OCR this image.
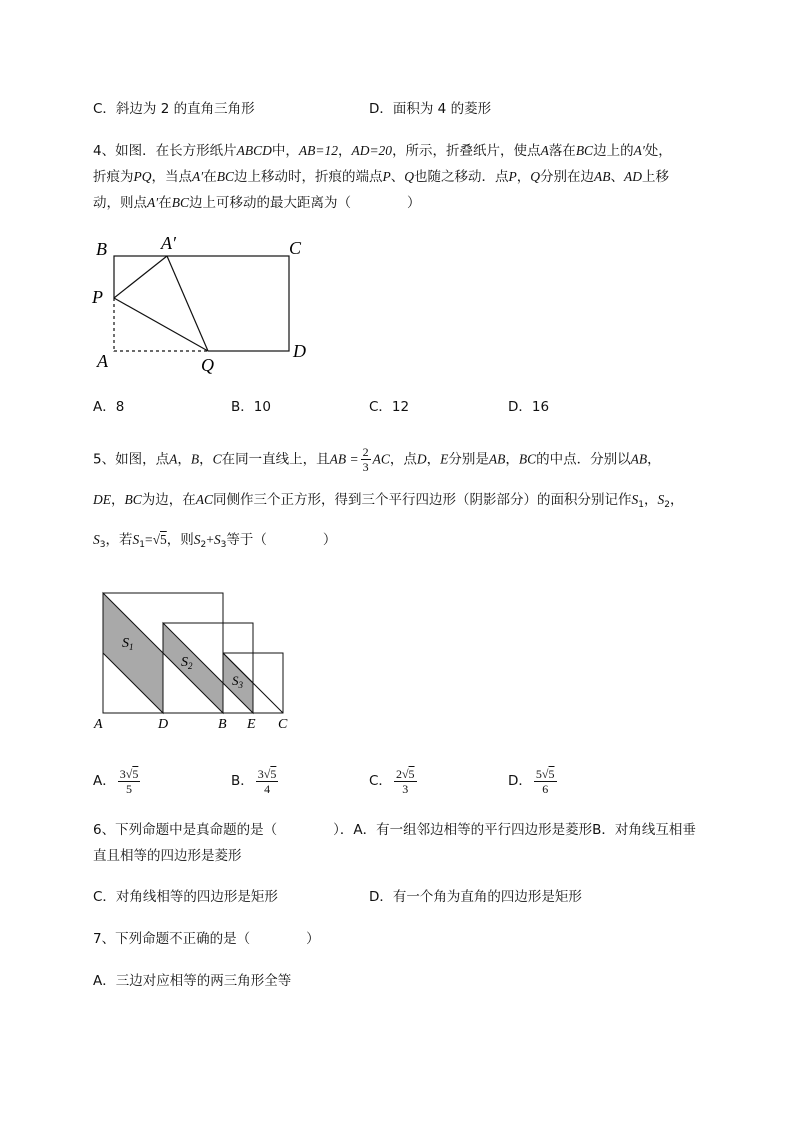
C．斜边为 2 的直角三角形	D．面积为 4 的菱形
4、如图．在长方形纸片ABCD中，AB=12，AD=20，所示，折叠纸片，使点A落在BC边上的A′处，
折痕为PQ，当点A′在BC边上移动时，折痕的端点P、Q也随之移动．点P，Q分别在边AB、AD上移
动，则点A′在BC边上可移动的最大距离为（	）
B	A′	C
P
A	Q
D
A．8	B．10	C．12	D．16
5、如图，点A，B，C在同一直线上，且AB = $\frac{2}{3}$ AC，点D，E分别是AB，BC的中点．分别以AB，
DE，BC为边，在AC同侧作三个正方形，得到三个平行四边形（阴影部分）的面积分别记作$S_1$，$S_2$，
$S_3$，若$S_1=√5$，则$S_2+S_3$等于（	）
$S_1$
$S_2$
$S_3$
A	D	B E C
A． $\frac{3√5}{5}$	B． $\frac{3√5}{4}$	C． $\frac{2√5}{3}$	D． $\frac{5√5}{6}$
6、下列命题中是真命题的是（	）．A．有一组邻边相等的平行四边形是菱形B．对角线互相垂
直且相等的四边形是菱形
C．对角线相等的四边形是矩形	D．有一个角为直角的四边形是矩形
7、下列命题不正确的是（	）
A．三边对应相等的两三角形全等
